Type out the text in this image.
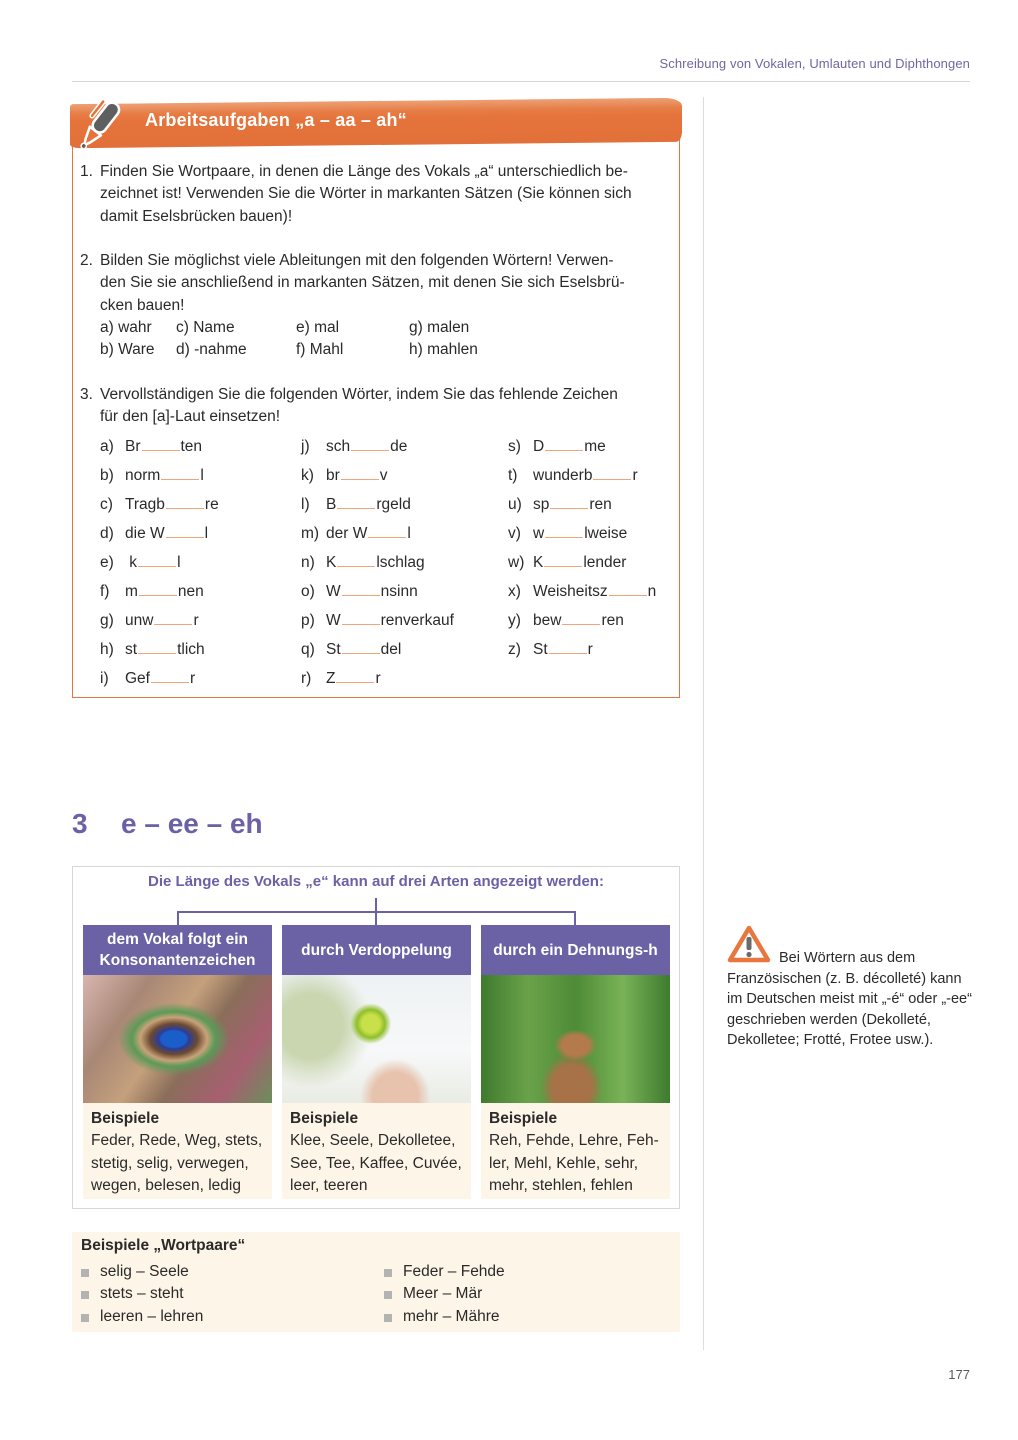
Schreibung von Vokalen, Umlauten und Diphthongen
Arbeitsaufgaben „a – aa – ah“
1. Finden Sie Wortpaare, in denen die Länge des Vokals „a“ unterschiedlich be-
zeichnet ist! Verwenden Sie die Wörter in markanten Sätzen (Sie können sich
damit Eselsbrücken bauen)!
2. Bilden Sie möglichst viele Ableitungen mit den folgenden Wörtern! Verwen-
den Sie sie anschließend in markanten Sätzen, mit denen Sie sich Eselsbrü-
cken bauen!
a) wahr	c) Name	e) mal	g) malen
b) Ware	d) -nahme	f) Mahl	h) mahlen
3. Vervollständigen Sie die folgenden Wörter, indem Sie das fehlende Zeichen
für den [a]-Laut einsetzen!
a) Br	ten
b) norm	l
c) Tragb	re
d) die W	l
e) k	l
f) m	nen
g) unw	r
h) st	tlich
i) Gef	r
j) sch	de
k) br	v
l) B	rgeld
m) der W	l
n) K	lschlag
o) W	nsinn
p) W	renverkauf
q) St	del
r) Z	r
s) D	me
t) wunderb	r
u) sp	ren
v) w	lweise
w) K	lender
x) Weisheitsz	n
y) bew	ren
z) St	r
3 e – ee – eh
Die Länge des Vokals „e“ kann auf drei Arten angezeigt werden:
dem Vokal folgt ein Konsonantenzeichen
Beispiele
Feder, Rede, Weg, stets, stetig, selig, verwegen, wegen, belesen, ledig
durch Verdoppelung
Beispiele
Klee, Seele, Dekolletee, See, Tee, Kaffee, Cuvée, leer, teeren
durch ein Dehnungs-h
Beispiele
Reh, Fehde, Lehre, Feh-ler, Mehl, Kehle, sehr, mehr, stehlen, fehlen
Beispiele „Wortpaare“
selig – Seele
stets – steht
leeren – lehren
Feder – Fehde
Meer – Mär
mehr – Mähre
Bei Wörtern aus dem Französischen (z. B. décolleté) kann im Deutschen meist mit „-é“ oder „-ee“ geschrieben werden (Dekolleté, Dekolletee; Frotté, Frotee usw.).
177
